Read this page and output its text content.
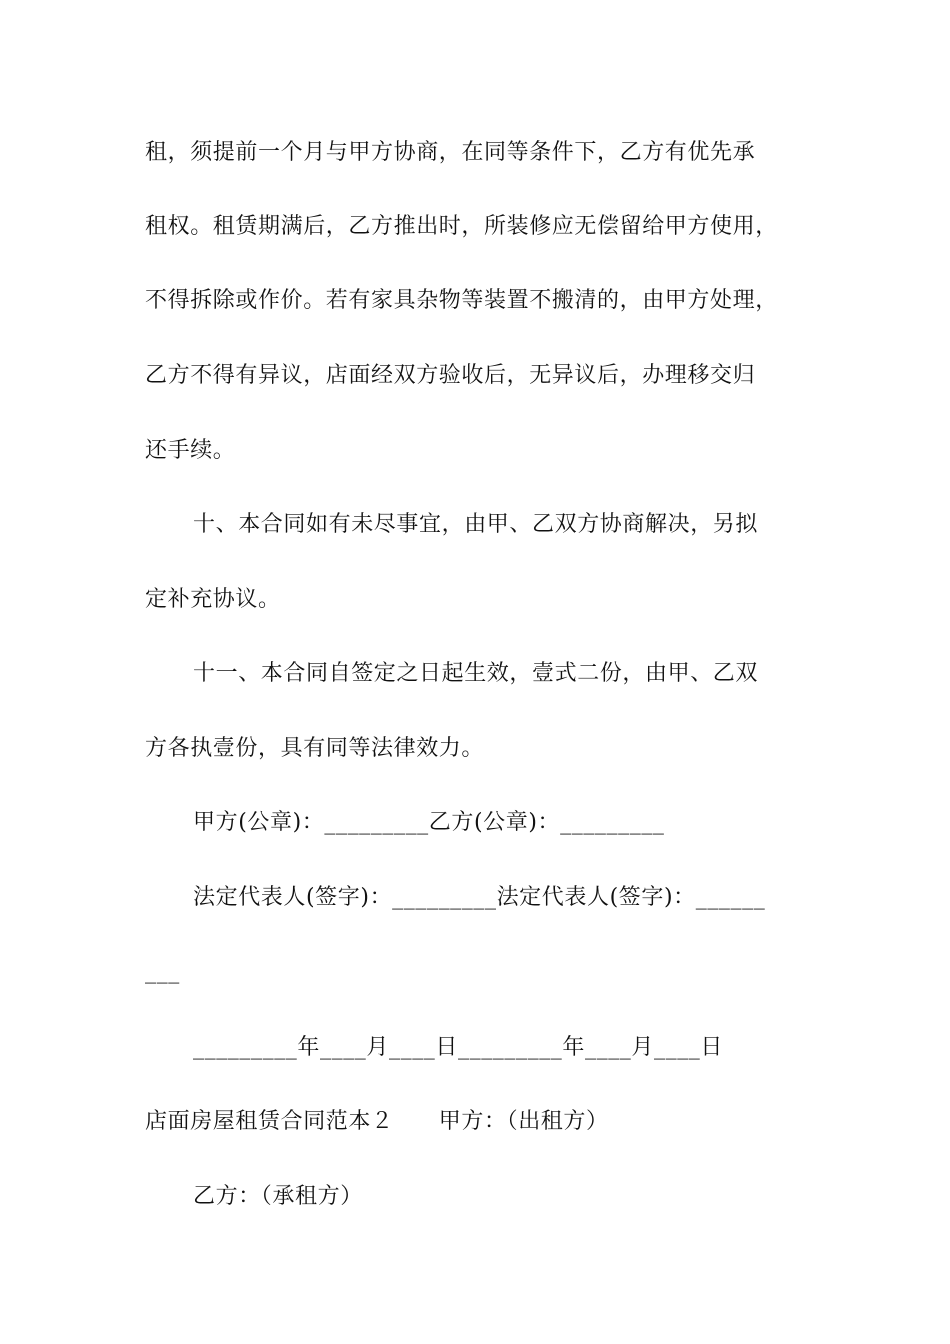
租，须提前一个月与甲方协商，在同等条件下，乙方有优先承
租权。租赁期满后，乙方推出时，所装修应无偿留给甲方使用，
不得拆除或作价。若有家具杂物等装置不搬清的，由甲方处理，
乙方不得有异议，店面经双方验收后，无异议后，办理移交归
还手续。
十、本合同如有未尽事宜，由甲、乙双方协商解决，另拟
定补充协议。
十一、本合同自签定之日起生效，壹式二份，由甲、乙双
方各执壹份，具有同等法律效力。
甲方(公章)：_________乙方(公章)：_________
法定代表人(签字)：_________法定代表人(签字)：______
___
_________年____月____日_________年____月____日
店面房屋租赁合同范本２　　甲方：（出租方）
乙方：（承租方）
